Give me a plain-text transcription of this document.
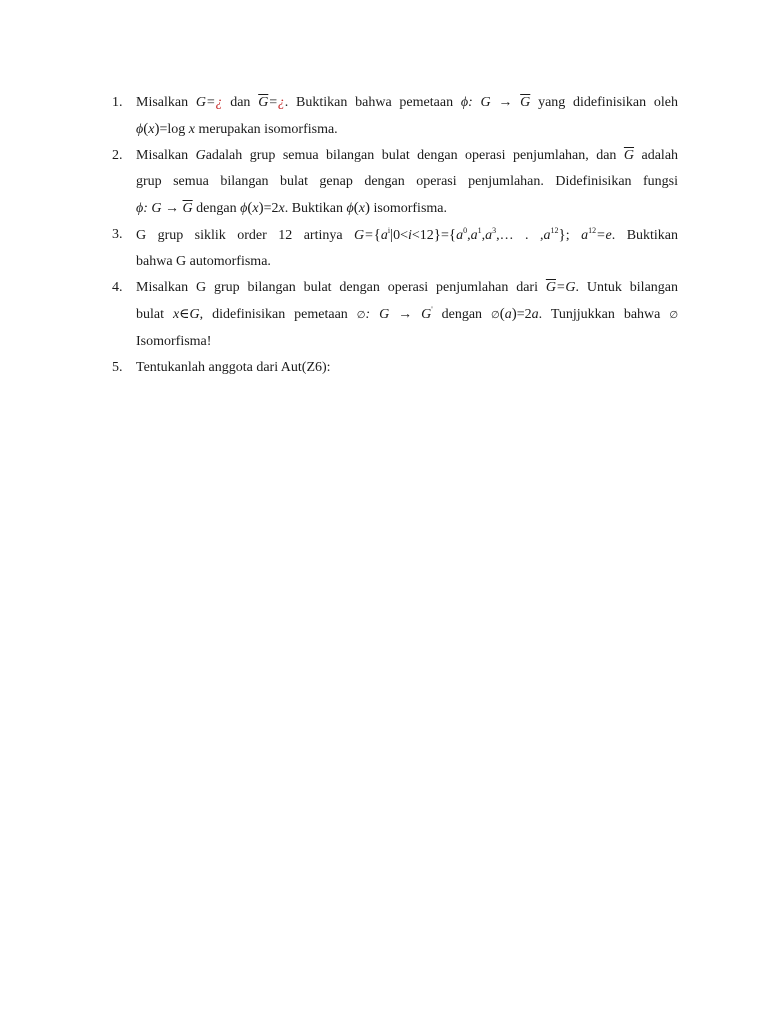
1. Misalkan G=¿ dan $\overline{G}=¿$. Buktikan bahwa pemetaan ϕ: $G \to \overline{G}$ yang didefinisikan oleh
ϕ(x)=log x merupakan isomorfisma.
2. Misalkan Gadalah grup semua bilangan bulat dengan operasi penjumlahan, dan $\overline{G}$ adalah
grup semua bilangan bulat genap dengan operasi penjumlahan. Didefinisikan fungsi
ϕ: $G \to \overline{G}$ dengan ϕ(x)=2x. Buktikan ϕ(x) isomorfisma.
3. G grup siklik order 12 artinya $G=\{a^i|0<i<12\}=\{a^0,a^1,a^3,\dots$ . $,a^{12}$}; $a^{12}=e$. Buktikan
bahwa G automorfisma.
4. Misalkan G grup bilangan bulat dengan operasi penjumlahan dari $\overline{G}=G$. Untuk bilangan
bulat x∈G, didefinisikan pemetaan ∅: G → G' dengan ∅(a)=2a. Tunjjukkan bahwa ∅
Isomorfisma!
5. Tentukanlah anggota dari Aut(Z6):
